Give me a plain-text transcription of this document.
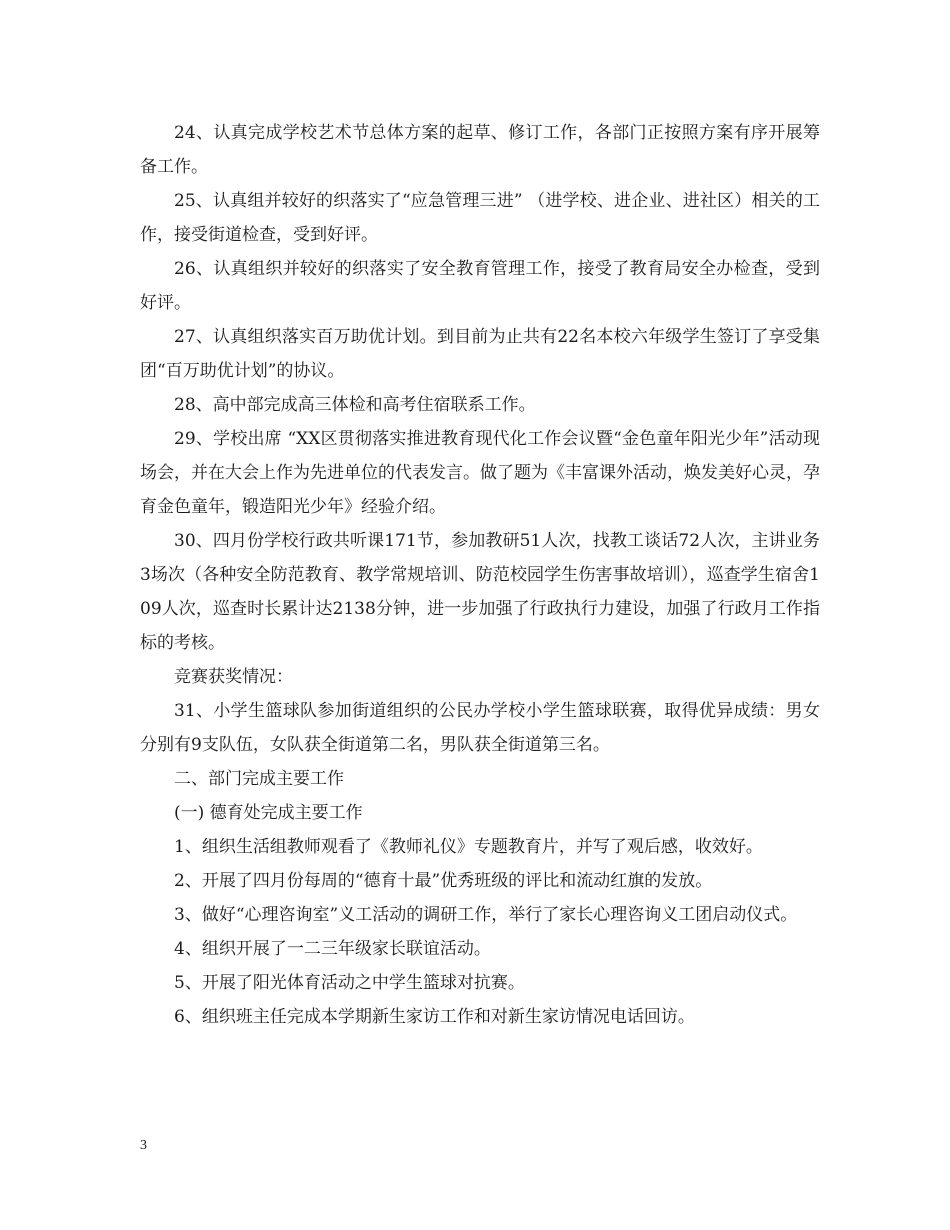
24、认真完成学校艺术节总体方案的起草、修订工作，各部门正按照方案有序开展筹备工作。

25、认真组并较好的织落实了“应急管理三进” （进学校、进企业、进社区）相关的工作，接受街道检查，受到好评。

26、认真组织并较好的织落实了安全教育管理工作，接受了教育局安全办检查，受到好评。

27、认真组织落实百万助优计划。到目前为止共有22名本校六年级学生签订了享受集团“百万助优计划”的协议。

28、高中部完成高三体检和高考住宿联系工作。

29、学校出席 “XX区贯彻落实推进教育现代化工作会议暨“金色童年阳光少年”活动现场会，并在大会上作为先进单位的代表发言。做了题为《丰富课外活动，焕发美好心灵，孕育金色童年，锻造阳光少年》经验介绍。

30、四月份学校行政共听课171节，参加教研51人次，找教工谈话72人次，主讲业务3场次（各种安全防范教育、教学常规培训、防范校园学生伤害事故培训），巡查学生宿舍109人次，巡查时长累计达2138分钟，进一步加强了行政执行力建设，加强了行政月工作指标的考核。

竞赛获奖情况：

31、小学生篮球队参加街道组织的公民办学校小学生篮球联赛，取得优异成绩：男女分别有9支队伍，女队获全街道第二名，男队获全街道第三名。

二、部门完成主要工作

(一) 德育处完成主要工作

1、组织生活组教师观看了《教师礼仪》专题教育片，并写了观后感，收效好。

2、开展了四月份每周的“德育十最”优秀班级的评比和流动红旗的发放。

3、做好“心理咨询室”义工活动的调研工作，举行了家长心理咨询义工团启动仪式。

4、组织开展了一二三年级家长联谊活动。

5、开展了阳光体育活动之中学生篮球对抗赛。

6、组织班主任完成本学期新生家访工作和对新生家访情况电话回访。

3
